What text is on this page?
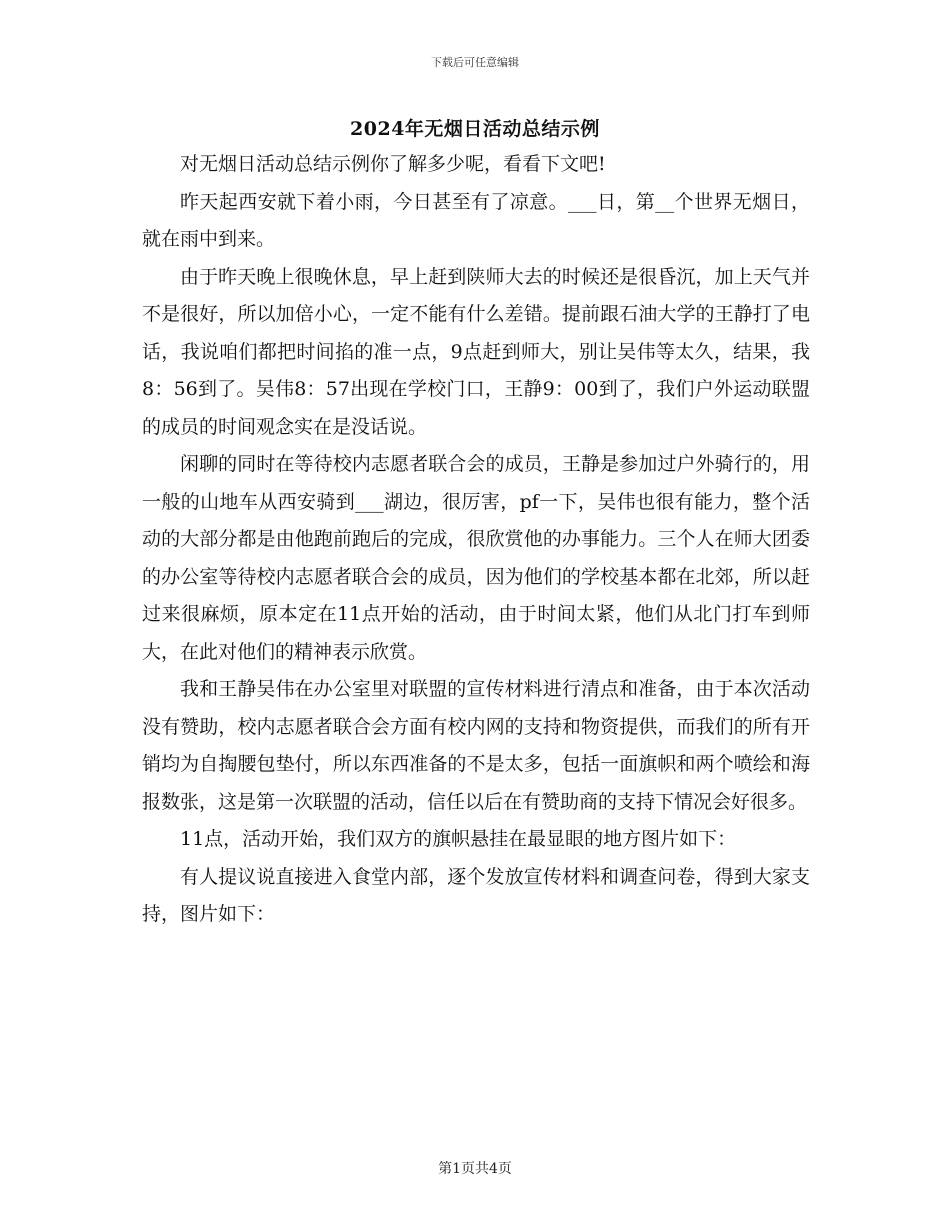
下载后可任意编辑
2024年无烟日活动总结示例

对无烟日活动总结示例你了解多少呢，看看下文吧!

昨天起西安就下着小雨，今日甚至有了凉意。___日，第__个世界无烟日，就在雨中到来。

由于昨天晚上很晚休息，早上赶到陕师大去的时候还是很昏沉，加上天气并不是很好，所以加倍小心，一定不能有什么差错。提前跟石油大学的王静打了电话，我说咱们都把时间掐的准一点，9点赶到师大，别让吴伟等太久，结果，我8：56到了。吴伟8：57出现在学校门口，王静9：00到了，我们户外运动联盟的成员的时间观念实在是没话说。

闲聊的同时在等待校内志愿者联合会的成员，王静是参加过户外骑行的，用一般的山地车从西安骑到___湖边，很厉害，pf一下，吴伟也很有能力，整个活动的大部分都是由他跑前跑后的完成，很欣赏他的办事能力。三个人在师大团委的办公室等待校内志愿者联合会的成员，因为他们的学校基本都在北郊，所以赶过来很麻烦，原本定在11点开始的活动，由于时间太紧，他们从北门打车到师大，在此对他们的精神表示欣赏。

我和王静吴伟在办公室里对联盟的宣传材料进行清点和准备，由于本次活动没有赞助，校内志愿者联合会方面有校内网的支持和物资提供，而我们的所有开销均为自掏腰包垫付，所以东西准备的不是太多，包括一面旗帜和两个喷绘和海报数张，这是第一次联盟的活动，信任以后在有赞助商的支持下情况会好很多。

11点，活动开始，我们双方的旗帜悬挂在最显眼的地方图片如下：

有人提议说直接进入食堂内部，逐个发放宣传材料和调查问卷，得到大家支持，图片如下：

第1页共4页
